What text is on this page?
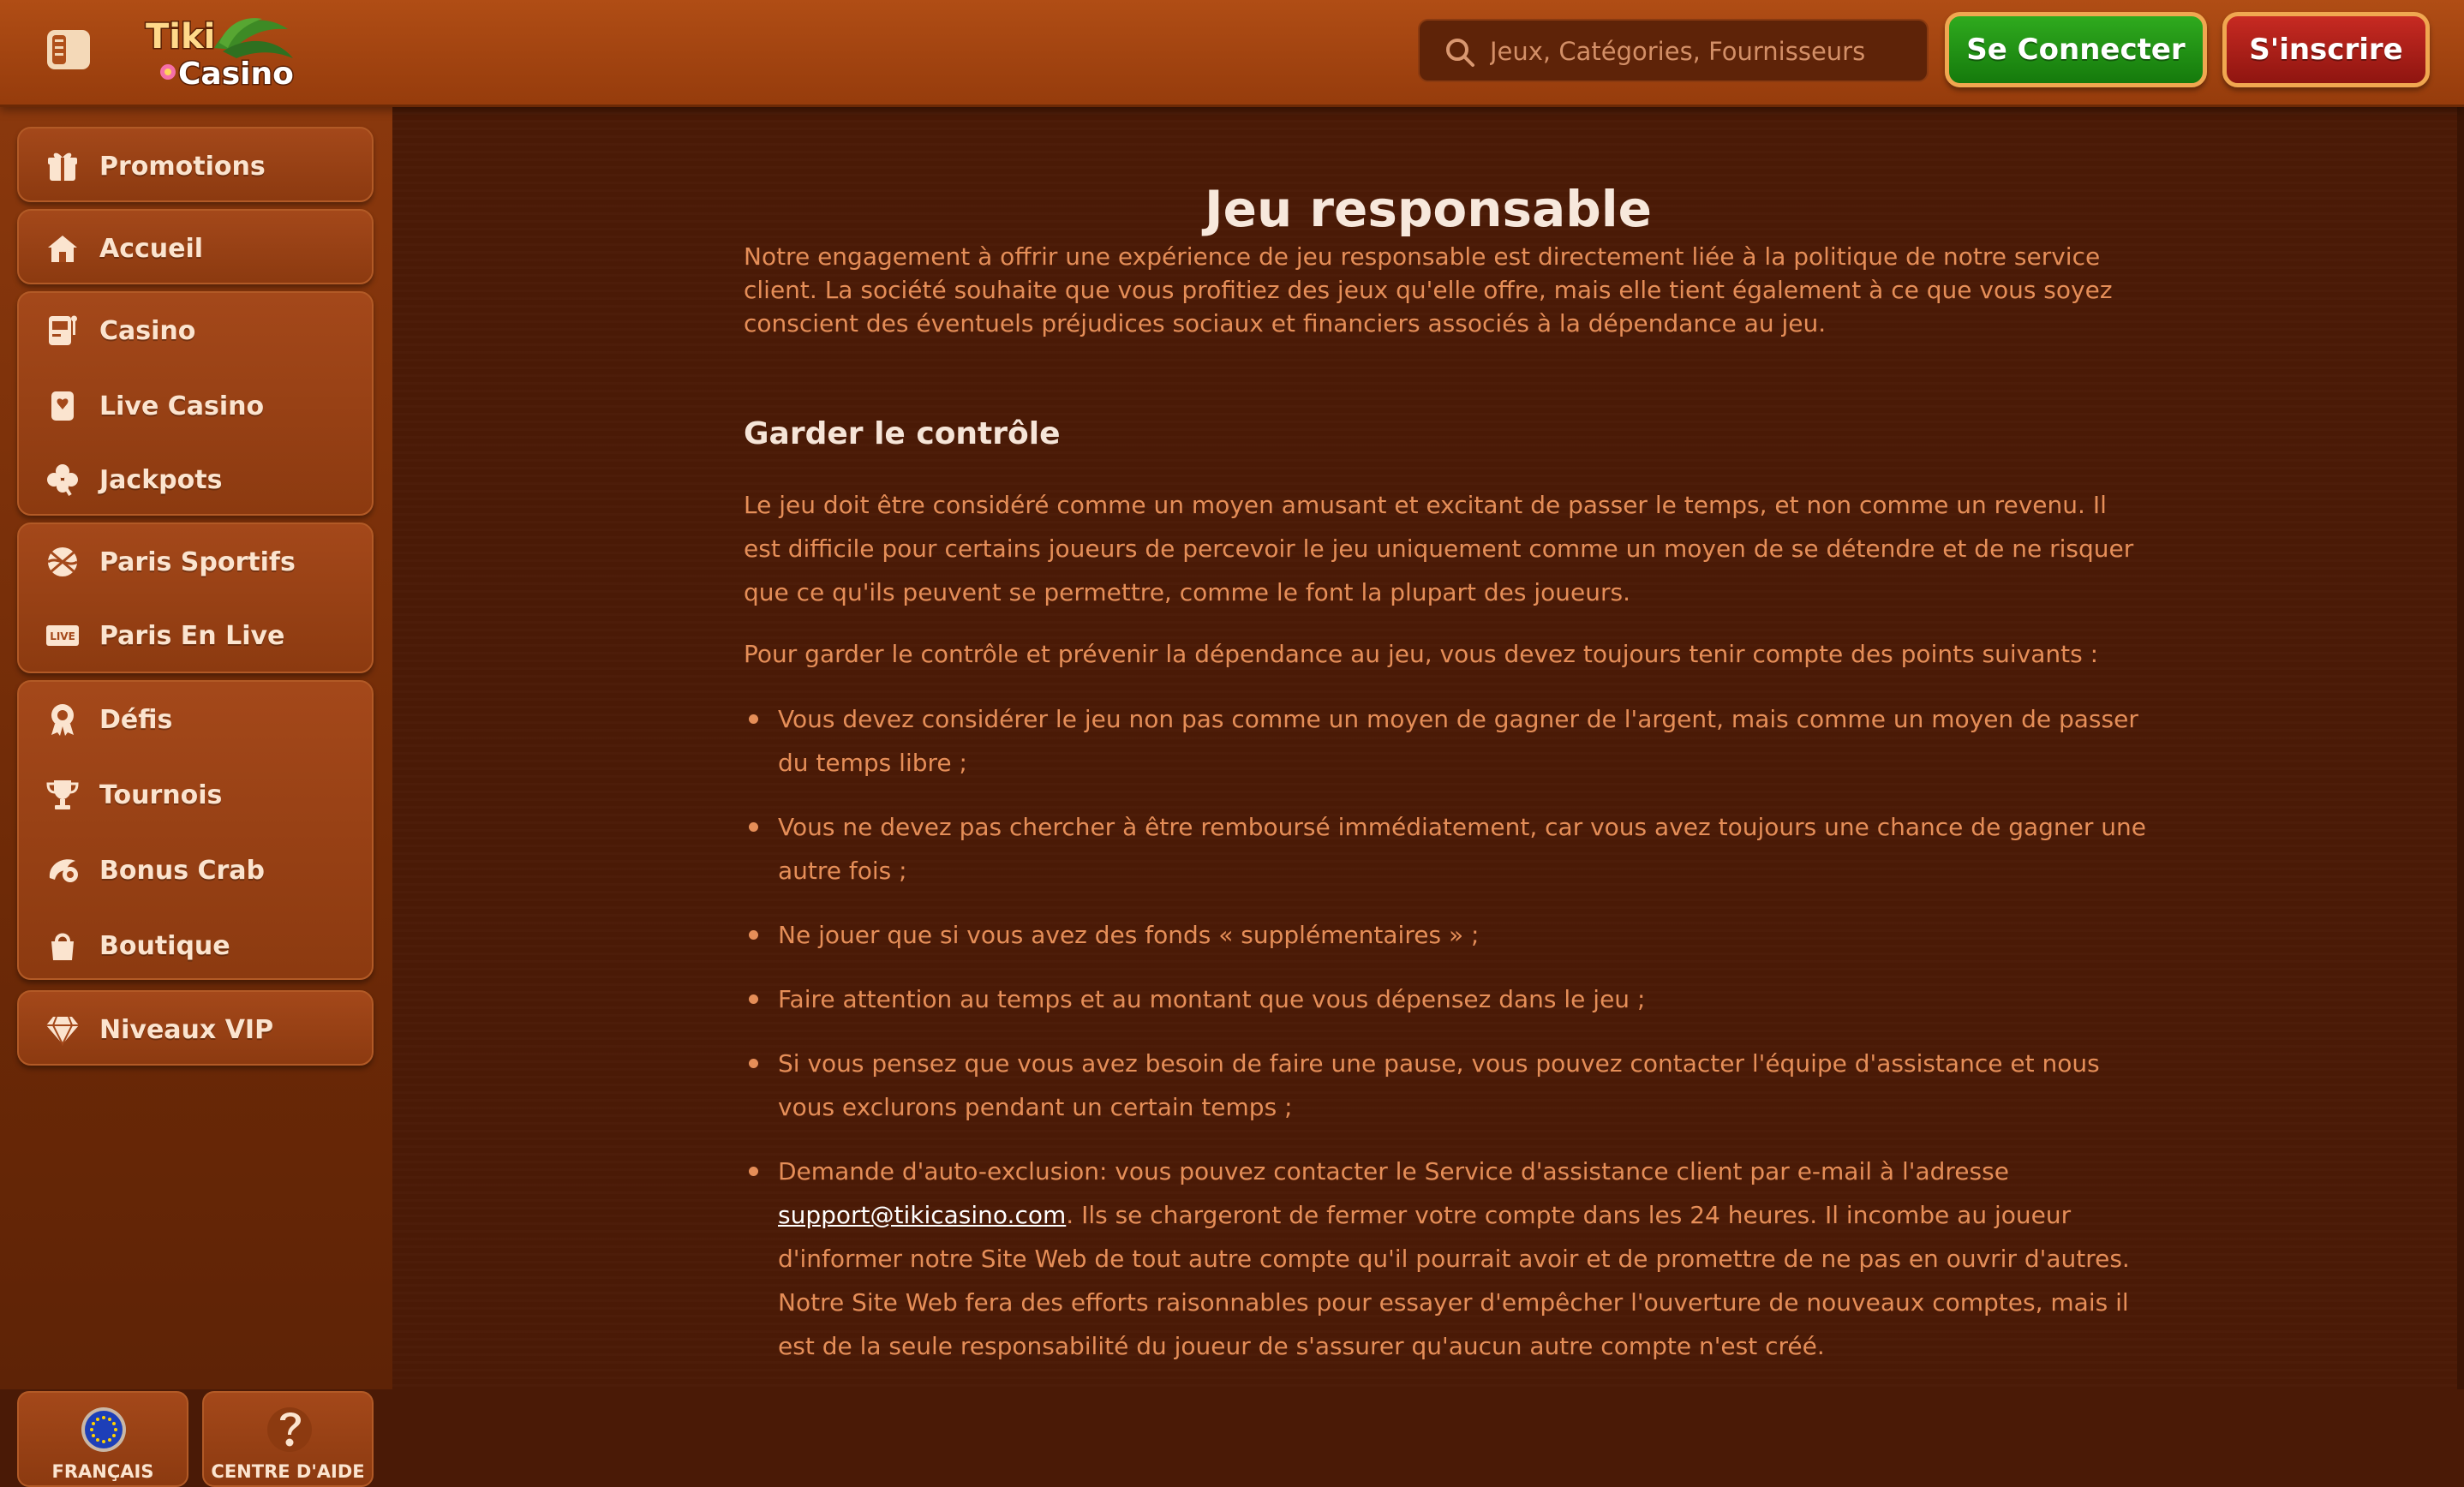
Tiki
Casino
Jeux, Catégories, Fournisseurs
Se Connecter	S'inscrire
Promotions
Accueil
Casino
Live Casino
Jackpots
Paris Sportifs
LIVE Paris En Live
Défis
Tournois
Bonus Crab
Boutique
Niveaux VIP
FRANÇAIS	CENTRE D'AIDE
Jeu responsable

Notre engagement à offrir une expérience de jeu responsable est directement liée à la politique de notre service client. La société souhaite que vous profitiez des jeux qu'elle offre, mais elle tient également à ce que vous soyez conscient des éventuels préjudices sociaux et financiers associés à la dépendance au jeu.

Garder le contrôle

Le jeu doit être considéré comme un moyen amusant et excitant de passer le temps, et non comme un revenu. Il est difficile pour certains joueurs de percevoir le jeu uniquement comme un moyen de se détendre et de ne risquer que ce qu'ils peuvent se permettre, comme le font la plupart des joueurs.

Pour garder le contrôle et prévenir la dépendance au jeu, vous devez toujours tenir compte des points suivants :

Vous devez considérer le jeu non pas comme un moyen de gagner de l'argent, mais comme un moyen de passer du temps libre ;
Vous ne devez pas chercher à être remboursé immédiatement, car vous avez toujours une chance de gagner une autre fois ;
Ne jouer que si vous avez des fonds « supplémentaires » ;
Faire attention au temps et au montant que vous dépensez dans le jeu ;
Si vous pensez que vous avez besoin de faire une pause, vous pouvez contacter l'équipe d'assistance et nous vous exclurons pendant un certain temps ;
Demande d'auto-exclusion: vous pouvez contacter le Service d'assistance client par e-mail à l'adresse support@tikicasino.com. Ils se chargeront de fermer votre compte dans les 24 heures. Il incombe au joueur d'informer notre Site Web de tout autre compte qu'il pourrait avoir et de promettre de ne pas en ouvrir d'autres. Notre Site Web fera des efforts raisonnables pour essayer d'empêcher l'ouverture de nouveaux comptes, mais il est de la seule responsabilité du joueur de s'assurer qu'aucun autre compte n'est créé.
